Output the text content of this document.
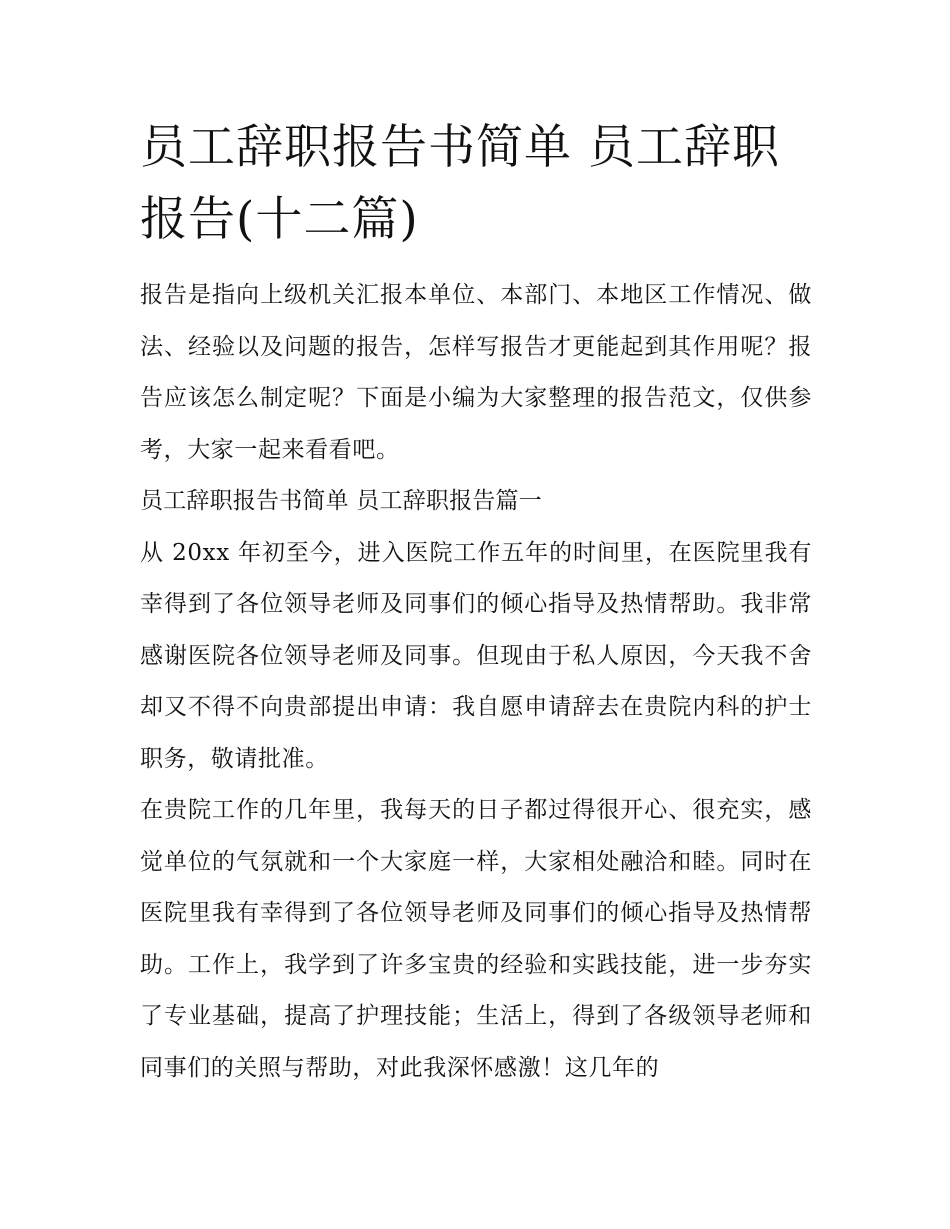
员工辞职报告书简单 员工辞职报告(十二篇)

报告是指向上级机关汇报本单位、本部门、本地区工作情况、做法、经验以及问题的报告，怎样写报告才更能起到其作用呢？报告应该怎么制定呢？下面是小编为大家整理的报告范文，仅供参考，大家一起来看看吧。

员工辞职报告书简单 员工辞职报告篇一

从 20xx 年初至今，进入医院工作五年的时间里，在医院里我有幸得到了各位领导老师及同事们的倾心指导及热情帮助。我非常感谢医院各位领导老师及同事。但现由于私人原因，今天我不舍却又不得不向贵部提出申请：我自愿申请辞去在贵院内科的护士职务，敬请批准。

在贵院工作的几年里，我每天的日子都过得很开心、很充实，感觉单位的气氛就和一个大家庭一样，大家相处融洽和睦。同时在医院里我有幸得到了各位领导老师及同事们的倾心指导及热情帮助。工作上，我学到了许多宝贵的经验和实践技能，进一步夯实了专业基础，提高了护理技能；生活上，得到了各级领导老师和同事们的关照与帮助，对此我深怀感激！这几年的
